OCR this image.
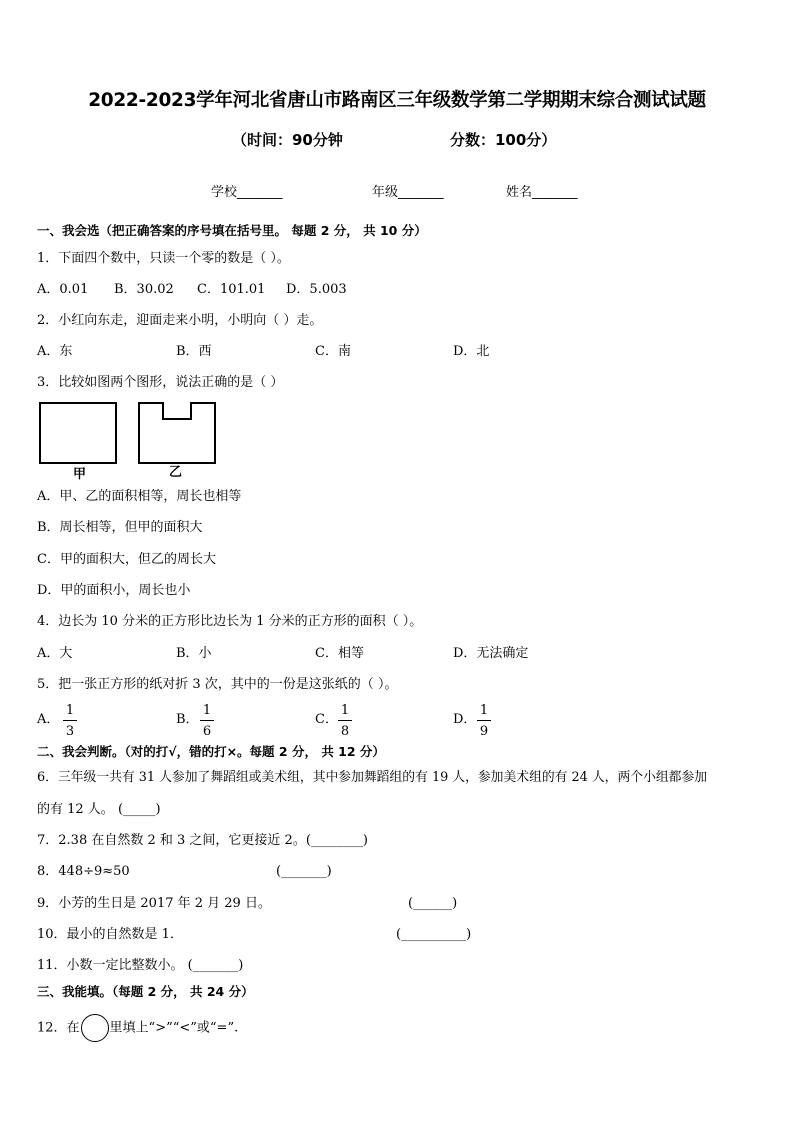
2022-2023学年河北省唐山市路南区三年级数学第二学期期末综合测试试题
（时间：90分钟	分数：100分）
学校_______	年级_______	姓名_______
一、我会选（把正确答案的序号填在括号里。 每题 2 分， 共 10 分）
1．下面四个数中，只读一个零的数是（ ）。
A．0.01 B．30.02 C．101.01 D．5.003
2．小红向东走，迎面走来小明，小明向（ ）走。
A．东	B．西	C．南	D．北
3．比较如图两个图形，说法正确的是（ ）
甲	乙
A．甲、乙的面积相等，周长也相等
B．周长相等，但甲的面积大
C．甲的面积大，但乙的周长大
D．甲的面积小，周长也小
4．边长为 10 分米的正方形比边长为 1 分米的正方形的面积（ ）。
A．大	B．小	C．相等	D．无法确定
5．把一张正方形的纸对折 3 次，其中的一份是这张纸的（ ）。
A．
1
3
B．
1
6
C．
1
8
D．
1
9
二、我会判断。（对的打√，错的打×。每题 2 分， 共 12 分）
6．三年级一共有 31 人参加了舞蹈组或美术组，其中参加舞蹈组的有 19 人，参加美术组的有 24 人，两个小组都参加
的有 12 人。 (_____)
7．2.38 在自然数 2 和 3 之间，它更接近 2。(________)
8．448÷9≈50	(_______)
9．小芳的生日是 2017 年 2 月 29 日。	(______)
10．最小的自然数是 1．	(__________)
11．小数一定比整数小。 (_______)
三、我能填。（每题 2 分， 共 24 分）
12．在 里填上“>”“<”或“=”.
